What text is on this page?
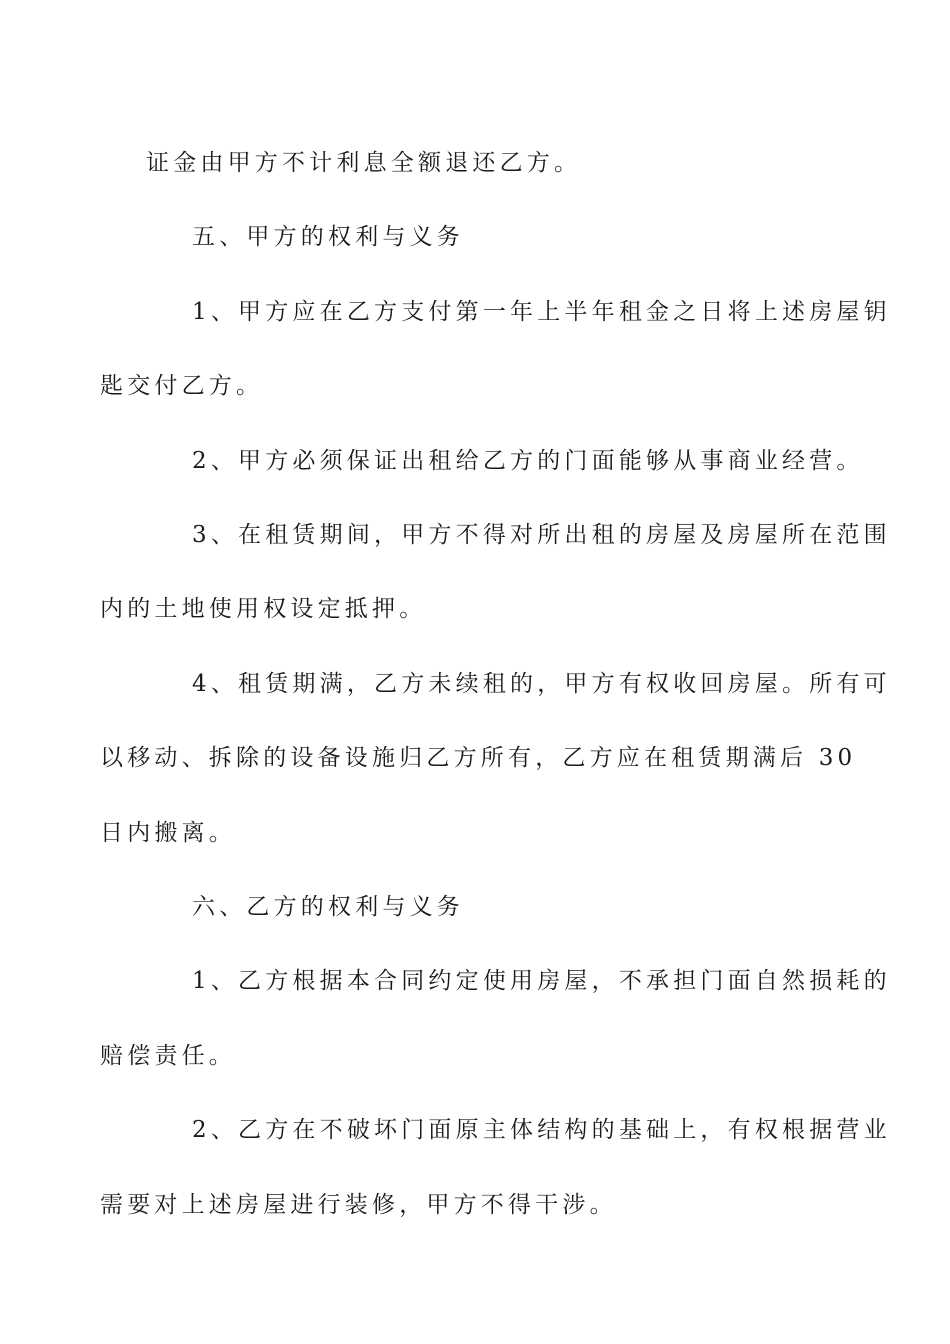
证金由甲方不计利息全额退还乙方。

五、甲方的权利与义务

1、甲方应在乙方支付第一年上半年租金之日将上述房屋钥
匙交付乙方。

2、甲方必须保证出租给乙方的门面能够从事商业经营。

3、在租赁期间，甲方不得对所出租的房屋及房屋所在范围
内的土地使用权设定抵押。

4、租赁期满，乙方未续租的，甲方有权收回房屋。所有可
以移动、拆除的设备设施归乙方所有，乙方应在租赁期满后 30
日内搬离。

六、乙方的权利与义务

1、乙方根据本合同约定使用房屋，不承担门面自然损耗的
赔偿责任。

2、乙方在不破坏门面原主体结构的基础上，有权根据营业
需要对上述房屋进行装修，甲方不得干涉。
